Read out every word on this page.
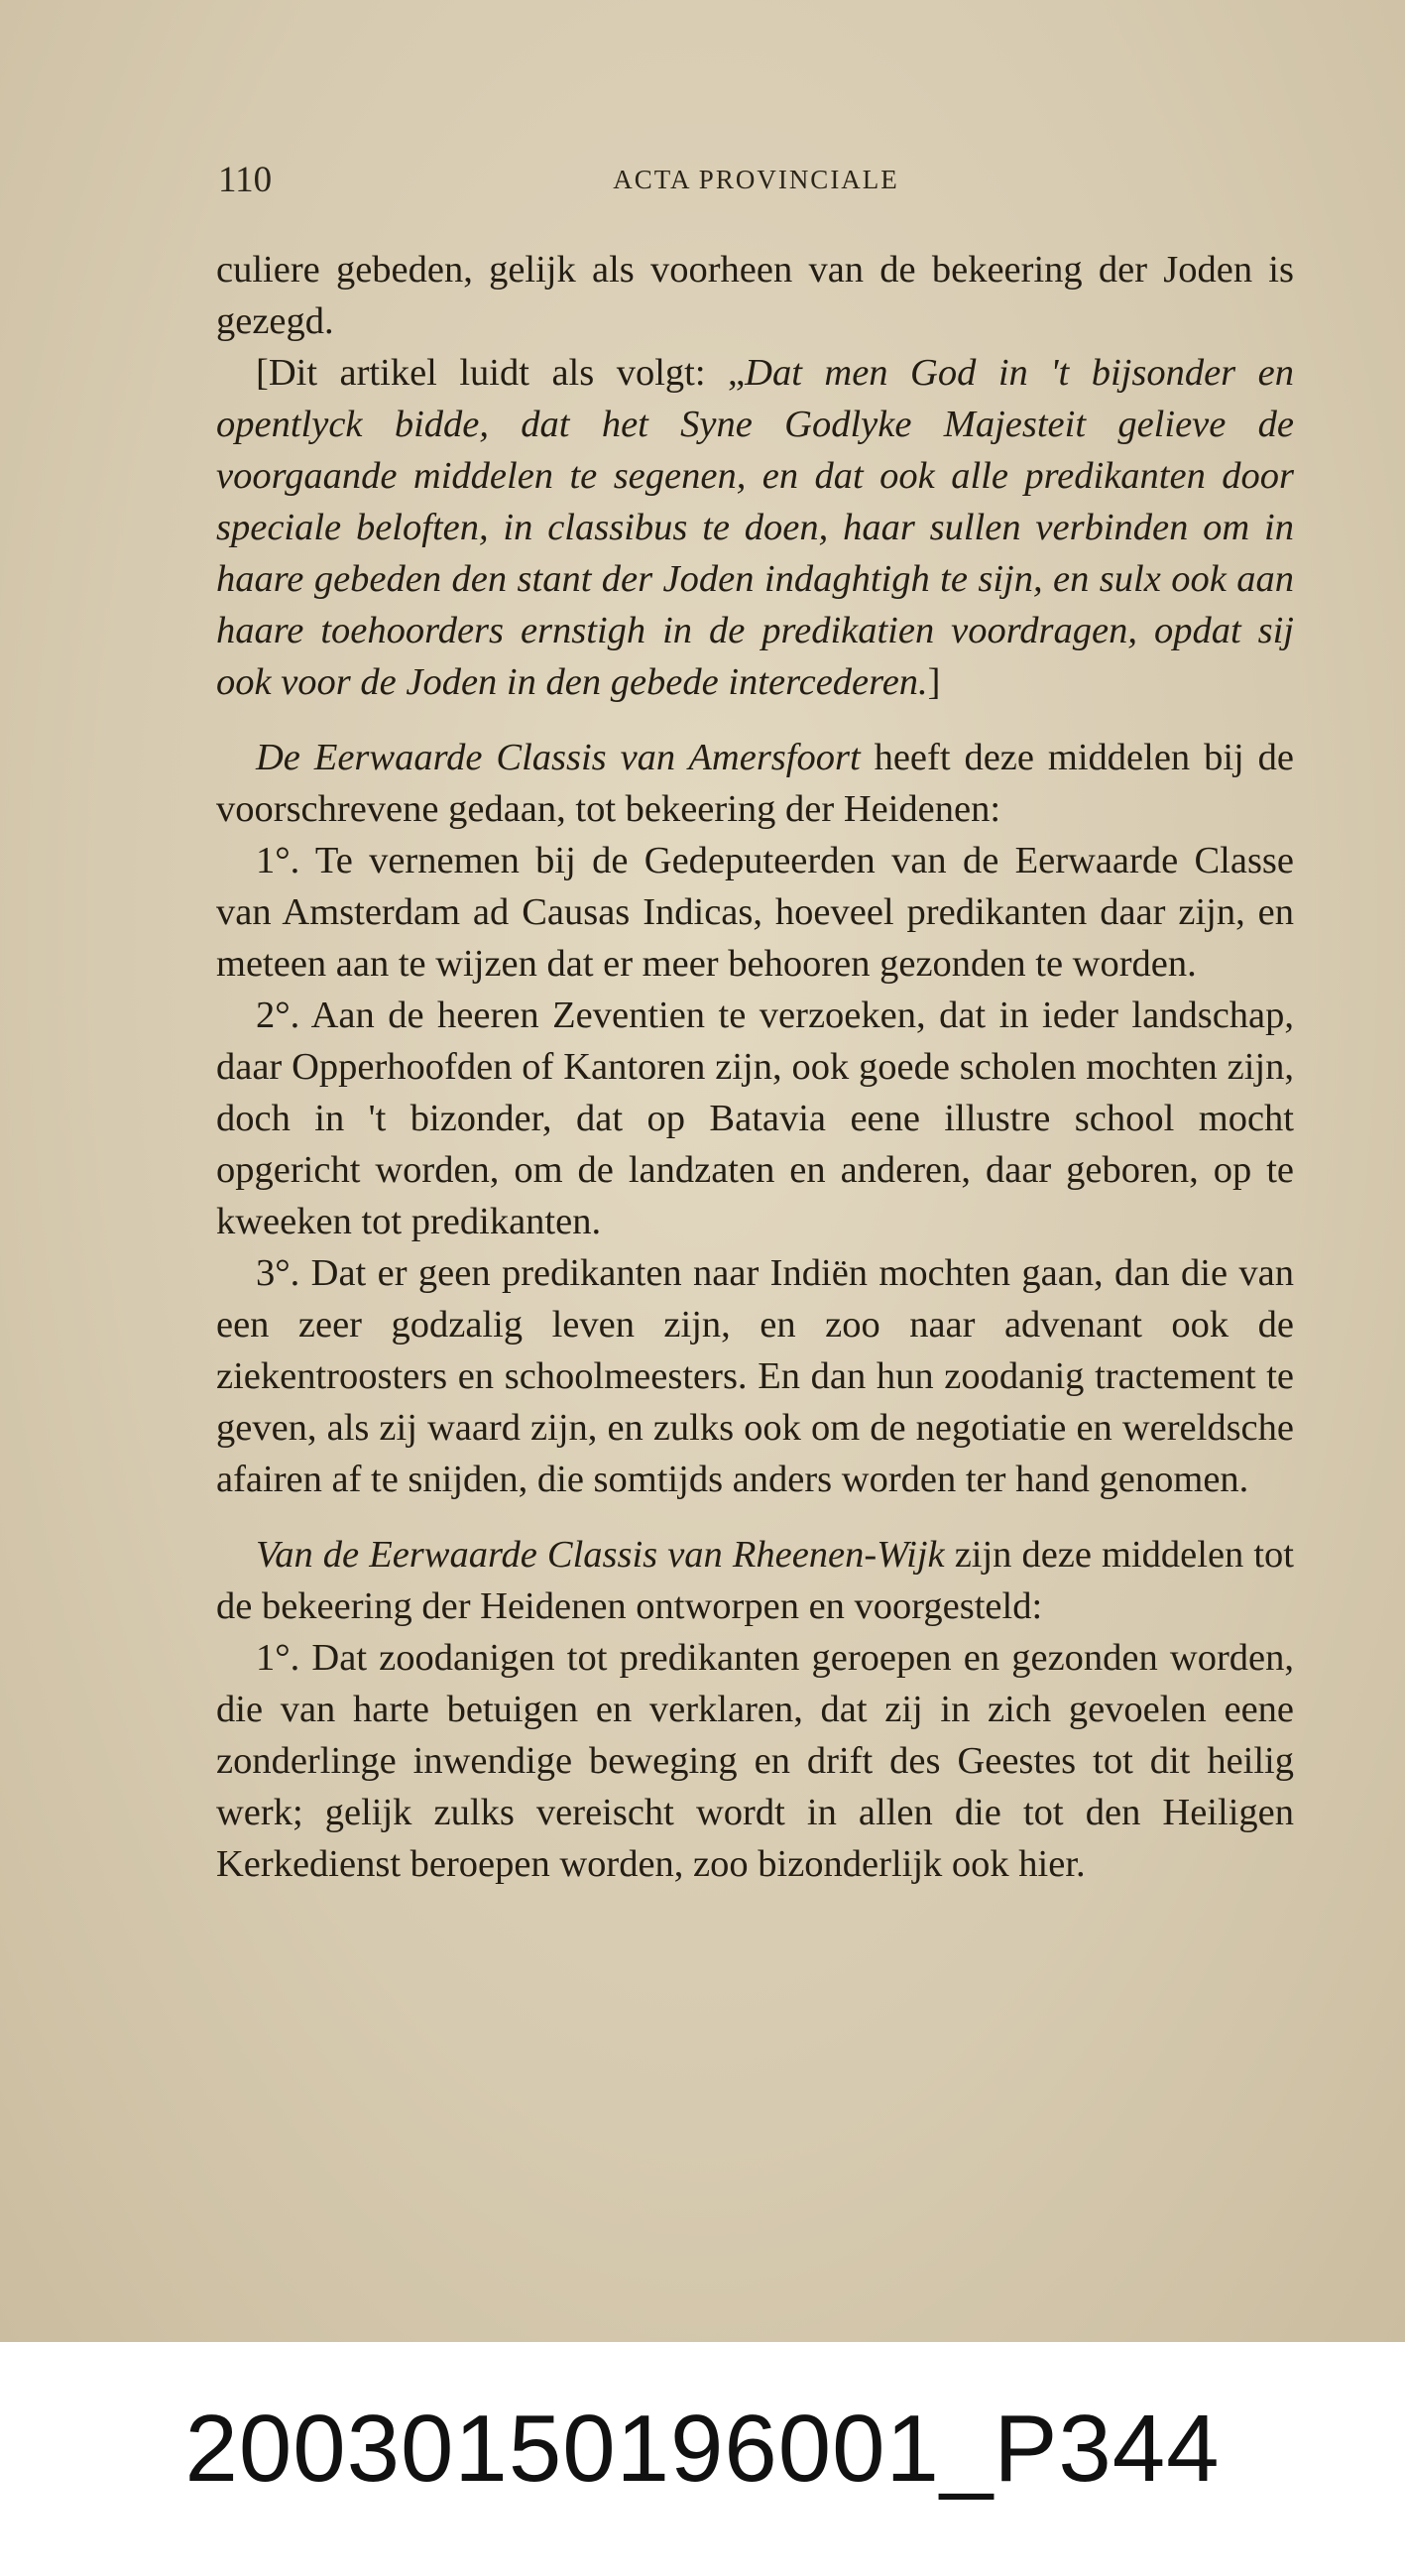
110	ACTA PROVINCIALE

culiere gebeden, gelijk als voorheen van de bekeering der Joden is gezegd.

[Dit artikel luidt als volgt: „Dat men God in 't bijsonder en opentlyck bidde, dat het Syne Godlyke Majesteit gelieve de voorgaande middelen te segenen, en dat ook alle predikanten door speciale beloften, in classibus te doen, haar sullen verbinden om in haare gebeden den stant der Joden indaghtigh te sijn, en sulx ook aan haare toehoorders ernstigh in de predikatien voordragen, opdat sij ook voor de Joden in den gebede intercederen.]

De Eerwaarde Classis van Amersfoort heeft deze middelen bij de voorschrevene gedaan, tot bekeering der Heidenen:

1°. Te vernemen bij de Gedeputeerden van de Eerwaarde Classe van Amsterdam ad Causas Indicas, hoeveel predikanten daar zijn, en meteen aan te wijzen dat er meer behooren gezonden te worden.

2°. Aan de heeren Zeventien te verzoeken, dat in ieder landschap, daar Opperhoofden of Kantoren zijn, ook goede scholen mochten zijn, doch in 't bizonder, dat op Batavia eene illustre school mocht opgericht worden, om de landzaten en anderen, daar geboren, op te kweeken tot predikanten.

3°. Dat er geen predikanten naar Indiën mochten gaan, dan die van een zeer godzalig leven zijn, en zoo naar advenant ook de ziekentroosters en schoolmeesters. En dan hun zoodanig tractement te geven, als zij waard zijn, en zulks ook om de negotiatie en wereldsche afairen af te snijden, die somtijds anders worden ter hand genomen.

Van de Eerwaarde Classis van Rheenen-Wijk zijn deze middelen tot de bekeering der Heidenen ontworpen en voorgesteld:

1°. Dat zoodanigen tot predikanten geroepen en gezonden worden, die van harte betuigen en verklaren, dat zij in zich gevoelen eene zonderlinge inwendige beweging en drift des Geestes tot dit heilig werk; gelijk zulks vereischt wordt in allen die tot den Heiligen Kerkedienst beroepen worden, zoo bizonderlijk ook hier.

20030150196001_P344
